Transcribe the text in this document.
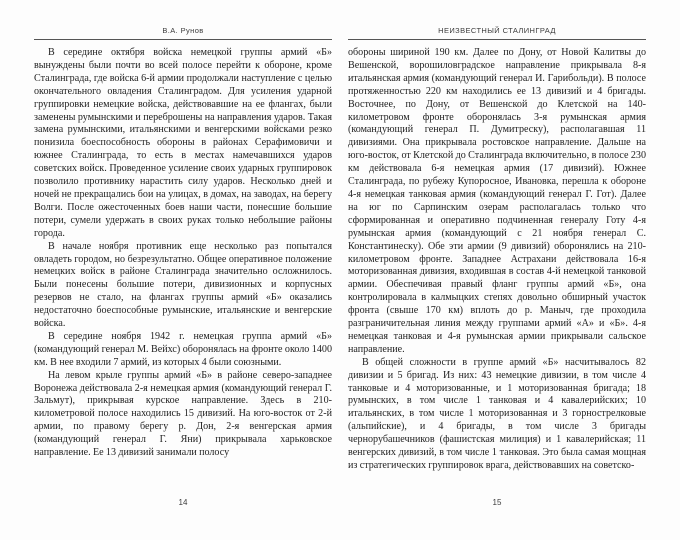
В.А. Рунов

В середине октября войска немецкой группы армий «Б» вынуждены были почти во всей полосе перейти к обороне, кроме Сталинграда, где войска 6-й армии продолжали наступление с целью окончательного овладения Сталинградом. Для усиления ударной группировки немецкие войска, действовавшие на ее флангах, были заменены румынскими и переброшены на направления ударов. Такая замена румынскими, итальянскими и венгерскими войсками резко понизила боеспособность обороны в районах Серафимовичи и южнее Сталинграда, то есть в местах намечавшихся ударов советских войск. Проведенное усиление своих ударных группировок позволило противнику нарастить силу ударов. Несколько дней и ночей не прекращались бои на улицах, в домах, на заводах, на берегу Волги. После ожесточенных боев наши части, понесшие большие потери, сумели удержать в своих руках только небольшие районы города.

В начале ноября противник еще несколько раз попытался овладеть городом, но безрезультатно. Общее оперативное положение немецких войск в районе Сталинграда значительно осложнилось. Были понесены большие потери, дивизионных и корпусных резервов не стало, на флангах группы армий «Б» оказались недостаточно боеспособные румынские, итальянские и венгерские войска.

В середине ноября 1942 г. немецкая группа армий «Б» (командующий генерал М. Вейхс) оборонялась на фронте около 1400 км. В нее входили 7 армий, из которых 4 были союзными.

На левом крыле группы армий «Б» в районе северо-западнее Воронежа действовала 2-я немецкая армия (командующий генерал Г. Зальмут), прикрывая курское направление. Здесь в 210-километровой полосе находились 15 дивизий. На юго-восток от 2-й армии, по правому берегу р. Дон, 2-я венгерская армия (командующий генерал Г. Яни) прикрывала харьковское направление. Ее 13 дивизий занимали полосу

14
НЕИЗВЕСТНЫЙ СТАЛИНГРАД

обороны шириной 190 км. Далее по Дону, от Новой Калитвы до Вешенской, ворошиловградское направление прикрывала 8-я итальянская армия (командующий генерал И. Гарибольди). В полосе протяженностью 220 км находились ее 13 дивизий и 4 бригады. Восточнее, по Дону, от Вешенской до Клетской на 140-километровом фронте оборонялась 3-я румынская армия (командующий генерал П. Думитреску), располагавшая 11 дивизиями. Она прикрывала ростовское направление. Дальше на юго-восток, от Клетской до Сталинграда включительно, в полосе 230 км действовала 6-я немецкая армия (17 дивизий). Южнее Сталинграда, по рубежу Купоросное, Ивановка, перешла к обороне 4-я немецкая танковая армия (командующий генерал Г. Гот). Далее на юг по Сарпинским озерам располагалась только что сформированная и оперативно подчиненная генералу Готу 4-я румынская армия (командующий с 21 ноября генерал С. Константинеску). Обе эти армии (9 дивизий) оборонялись на 210-километровом фронте. Западнее Астрахани действовала 16-я моторизованная дивизия, входившая в состав 4-й немецкой танковой армии. Обеспечивая правый фланг группы армий «Б», она контролировала в калмыцких степях довольно обширный участок фронта (свыше 170 км) вплоть до р. Маныч, где проходила разграничительная линия между группами армий «А» и «Б». 4-я немецкая танковая и 4-я румынская армии прикрывали сальское направление.

В общей сложности в группе армий «Б» насчитывалось 82 дивизии и 5 бригад. Из них: 43 немецкие дивизии, в том числе 4 танковые и 4 моторизованные, и 1 моторизованная бригада; 18 румынских, в том числе 1 танковая и 4 кавалерийских; 10 итальянских, в том числе 1 моторизованная и 3 горнострелковые (альпийские), и 4 бригады, в том числе 3 бригады чернорубашечников (фашистская милиция) и 1 кавалерийская; 11 венгерских дивизий, в том числе 1 танковая. Это была самая мощная из стратегических группировок врага, действовавших на советско-

15
